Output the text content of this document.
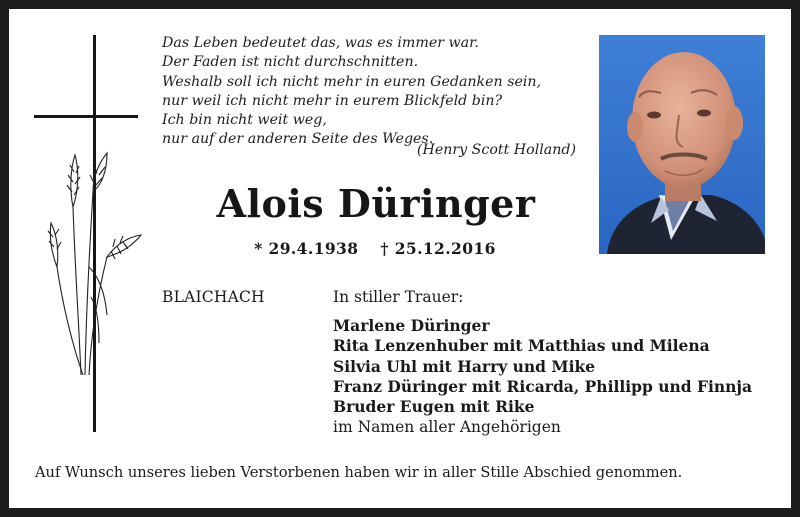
Das Leben bedeutet das, was es immer war.
Der Faden ist nicht durchschnitten.
Weshalb soll ich nicht mehr in euren Gedanken sein,
nur weil ich nicht mehr in eurem Blickfeld bin?
Ich bin nicht weit weg,
nur auf der anderen Seite des Weges.
(Henry Scott Holland)
Alois Düringer
* 29.4.1938 † 25.12.2016
BLAICHACH	In stiller Trauer:
Marlene Düringer
Rita Lenzenhuber mit Matthias und Milena
Silvia Uhl mit Harry und Mike
Franz Düringer mit Ricarda, Phillipp und Finnja
Bruder Eugen mit Rike
im Namen aller Angehörigen
Auf Wunsch unseres lieben Verstorbenen haben wir in aller Stille Abschied genommen.
